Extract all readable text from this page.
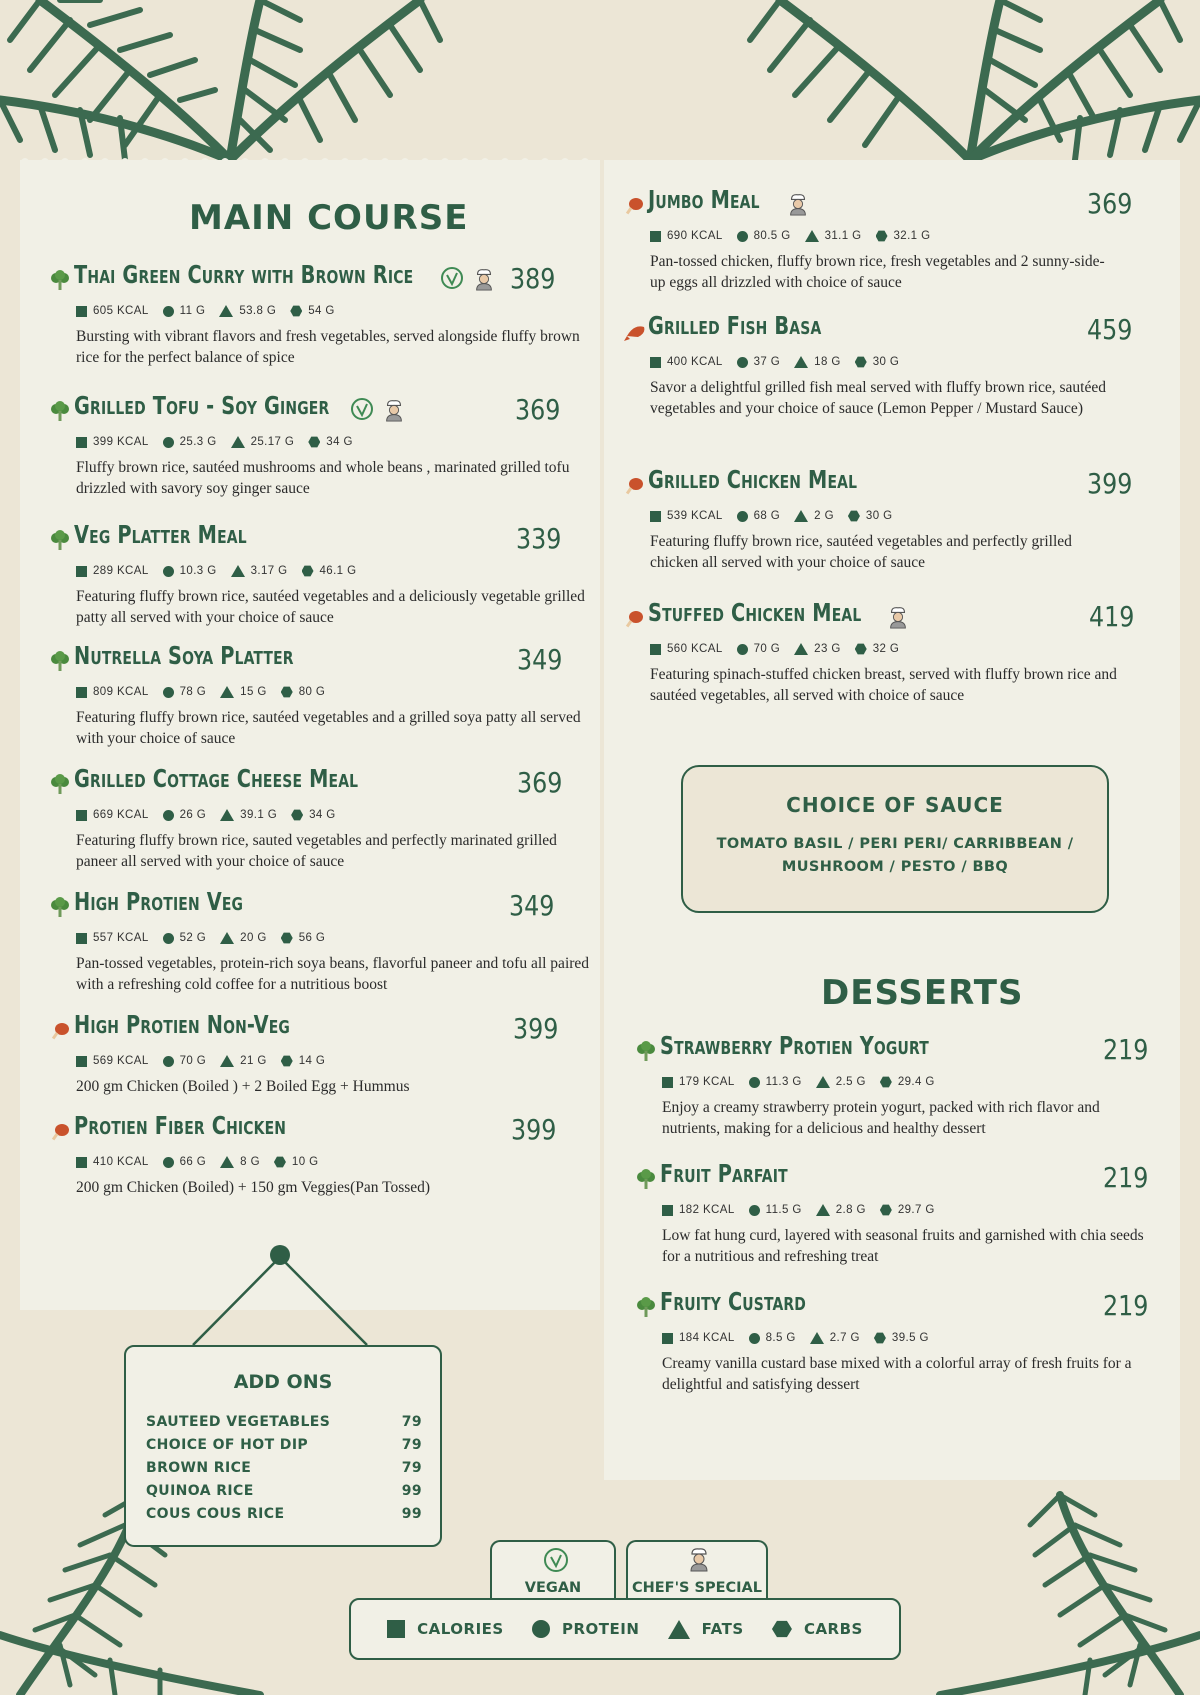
MAIN COURSE
Thai Green Curry with Brown Rice	389
605 KCAL	11 G	53.8 G	54 G
Bursting with vibrant flavors and fresh vegetables, served alongside fluffy brown rice for the perfect balance of spice
Grilled Tofu - Soy Ginger	369
399 KCAL	25.3 G	25.17 G	34 G
Fluffy brown rice, sautéed mushrooms and whole beans , marinated grilled tofu drizzled with savory soy ginger sauce
Veg Platter Meal	339
289 KCAL	10.3 G	3.17 G	46.1 G
Featuring fluffy brown rice, sautéed vegetables and a deliciously vegetable grilled patty all served with your choice of sauce
Nutrella Soya Platter	349
809 KCAL	78 G	15 G	80 G
Featuring fluffy brown rice, sautéed vegetables and a grilled soya patty all served with your choice of sauce
Grilled Cottage Cheese Meal	369
669 KCAL	26 G	39.1 G	34 G
Featuring fluffy brown rice, sauted vegetables and perfectly marinated grilled paneer all served with your choice of sauce
High Protien Veg	349
557 KCAL	52 G	20 G	56 G
Pan-tossed vegetables, protein-rich soya beans, flavorful paneer and tofu all paired with a refreshing cold coffee for a nutritious boost
High Protien Non-Veg	399
569 KCAL	70 G	21 G	14 G
200 gm Chicken (Boiled ) + 2 Boiled Egg + Hummus
Protien Fiber Chicken	399
410 KCAL	66 G	8 G	10 G
200 gm Chicken (Boiled) + 150 gm Veggies(Pan Tossed)
Jumbo Meal	369
690 KCAL	80.5 G	31.1 G	32.1 G
Pan-tossed chicken, fluffy brown rice, fresh vegetables and 2 sunny-side-up eggs all drizzled with choice of sauce
Grilled Fish Basa	459
400 KCAL	37 G	18 G	30 G
Savor a delightful grilled fish meal served with fluffy brown rice, sautéed vegetables and your choice of sauce (Lemon Pepper / Mustard Sauce)
Grilled Chicken Meal	399
539 KCAL	68 G	2 G	30 G
Featuring fluffy brown rice, sautéed vegetables and perfectly grilled chicken all served with your choice of sauce
Stuffed Chicken Meal	419
560 KCAL	70 G	23 G	32 G
Featuring spinach-stuffed chicken breast, served with fluffy brown rice and sautéed vegetables, all served with choice of sauce
CHOICE OF SAUCE
TOMATO BASIL / PERI PERI/ CARRIBBEAN / MUSHROOM / PESTO / BBQ
DESSERTS
Strawberry Protien Yogurt	219
179 KCAL	11.3 G	2.5 G	29.4 G
Enjoy a creamy strawberry protein yogurt, packed with rich flavor and nutrients, making for a delicious and healthy dessert
Fruit Parfait	219
182 KCAL	11.5 G	2.8 G	29.7 G
Low fat hung curd, layered with seasonal fruits and garnished with chia seeds for a nutritious and refreshing treat
Fruity Custard	219
184 KCAL	8.5 G	2.7 G	39.5 G
Creamy vanilla custard base mixed with a colorful array of fresh fruits for a delightful and satisfying dessert
ADD ONS
SAUTEED VEGETABLES	79
CHOICE OF HOT DIP	79
BROWN RICE	79
QUINOA RICE	99
COUS COUS RICE	99
VEGAN	CHEF'S SPECIAL
CALORIES	PROTEIN	FATS	CARBS
